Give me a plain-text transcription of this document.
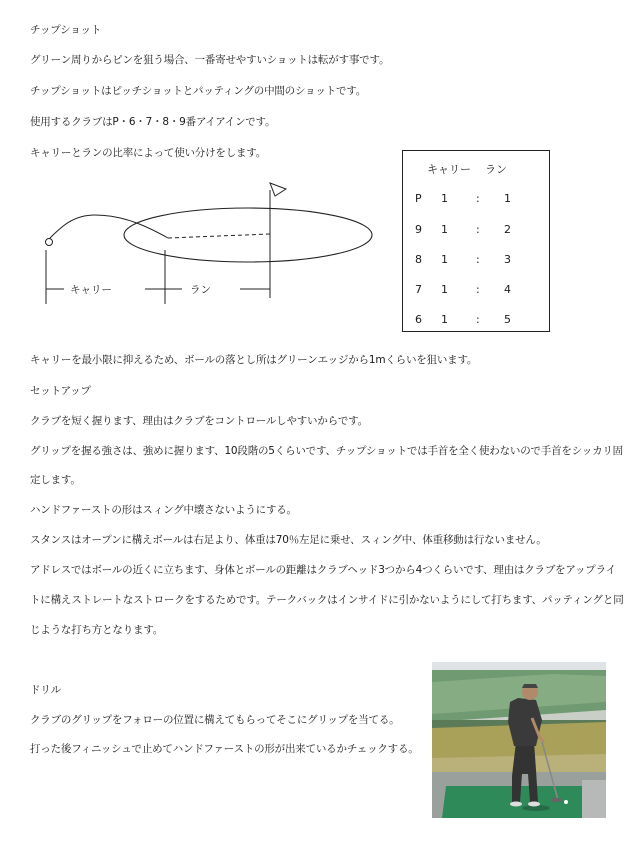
チップショット
グリーン周りからピンを狙う場合、一番寄せやすいショットは転がす事です。
チップショットはピッチショットとパッティングの中間のショットです。
使用するクラブはP・6・7・8・9番アイアインです。
キャリーとランの比率によって使い分けをします。
キャリー	ラン
キャリー ラン
P 1	: 1
9 1	: 2
8 1	: 3
7 1	: 4
6 1	: 5
キャリーを最小限に抑えるため、ボールの落とし所はグリーンエッジから1mくらいを狙います。
セットアップ
クラブを短く握ります、理由はクラブをコントロールしやすいからです。
グリップを握る強さは、強めに握ります、10段階の5くらいです、チップショットでは手首を全く使わないので手首をシッカリ固
定します。
ハンドファーストの形はスィング中壊さないようにする。
スタンスはオープンに構えボールは右足より、体重は70％左足に乗せ、スィング中、体重移動は行ないません。
アドレスではボールの近くに立ちます、身体とボールの距離はクラブヘッド3つから4つくらいです、理由はクラブをアップライ
トに構えストレートなストロークをするためです。テークバックはインサイドに引かないようにして打ちます、パッティングと同
じような打ち方となります。
ドリル
クラブのグリップをフォローの位置に構えてもらってそこにグリップを当てる。
打った後フィニッシュで止めてハンドファーストの形が出来ているかチェックする。
